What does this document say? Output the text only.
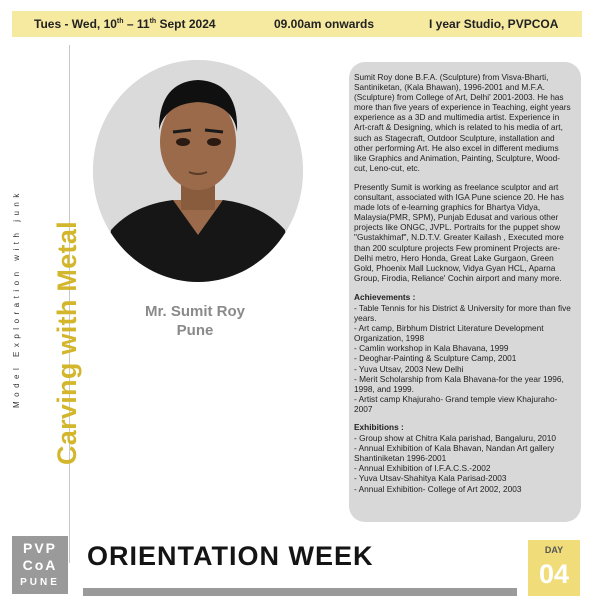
Tues - Wed, 10th – 11th Sept 2024	09.00am onwards	I year Studio, PVPCOA
Carving with Metal
Model Exploration with junk	Mr. Sumit Roy
Pune

Sumit Roy done B.F.A. (Sculpture) from Visva-Bharti, Santiniketan, (Kala Bhawan), 1996-2001 and M.F.A. (Sculpture) from College of Art, Delhi' 2001-2003. He has more than five years of experience in Teaching, eight years experience as a 3D and multimedia artist. Experience in Art-craft & Designing, which is related to his media of art, such as Stagecraft, Outdoor Sculpture, installation and other performing Art. He also excel in different mediums like Graphics and Animation, Painting, Sculpture, Wood-cut, Leno-cut, etc.

Presently Sumit is working as freelance sculptor and art consultant, associated with IGA Pune science 20. He has made lots of e-learning graphics for Bhartya Vidya, Malaysia(PMR, SPM), Punjab Edusat and various other projects like ONGC, JVPL. Portraits for the puppet show "Gustakhimaf", N.D.T.V. Greater Kailash , Executed more than 200 sculpture projects Few prominent Projects are- Delhi metro, Hero Honda, Great Lake Gurgaon, Green Gold, Phoenix Mall Lucknow, Vidya Gyan HCL, Aparna Group, Firodia, Reliance' Cochin airport and many more.

Achievements :
- Table Tennis for his District & University for more than five years.
- Art camp, Birbhum District Literature Development Organization, 1998
- Camlin workshop in Kala Bhavana, 1999
- Deoghar-Painting & Sculpture Camp, 2001
- Yuva Utsav, 2003 New Delhi
- Merit Scholarship from Kala Bhavana-for the year 1996, 1998, and 1999.
- Artist camp Khajuraho- Grand temple view Khajuraho-2007
Exhibitions :
- Group show at Chitra Kala parishad, Bangaluru, 2010
- Annual Exhibition of Kala Bhavan, Nandan Art gallery Shantiniketan 1996-2001
- Annual Exhibition of I.F.A.C.S.-2002
- Yuva Utsav-Shahitya Kala Parisad-2003
- Annual Exhibition- College of Art 2002, 2003
PVP
CoA
PUNE
ORIENTATION WEEK	DAY
04
